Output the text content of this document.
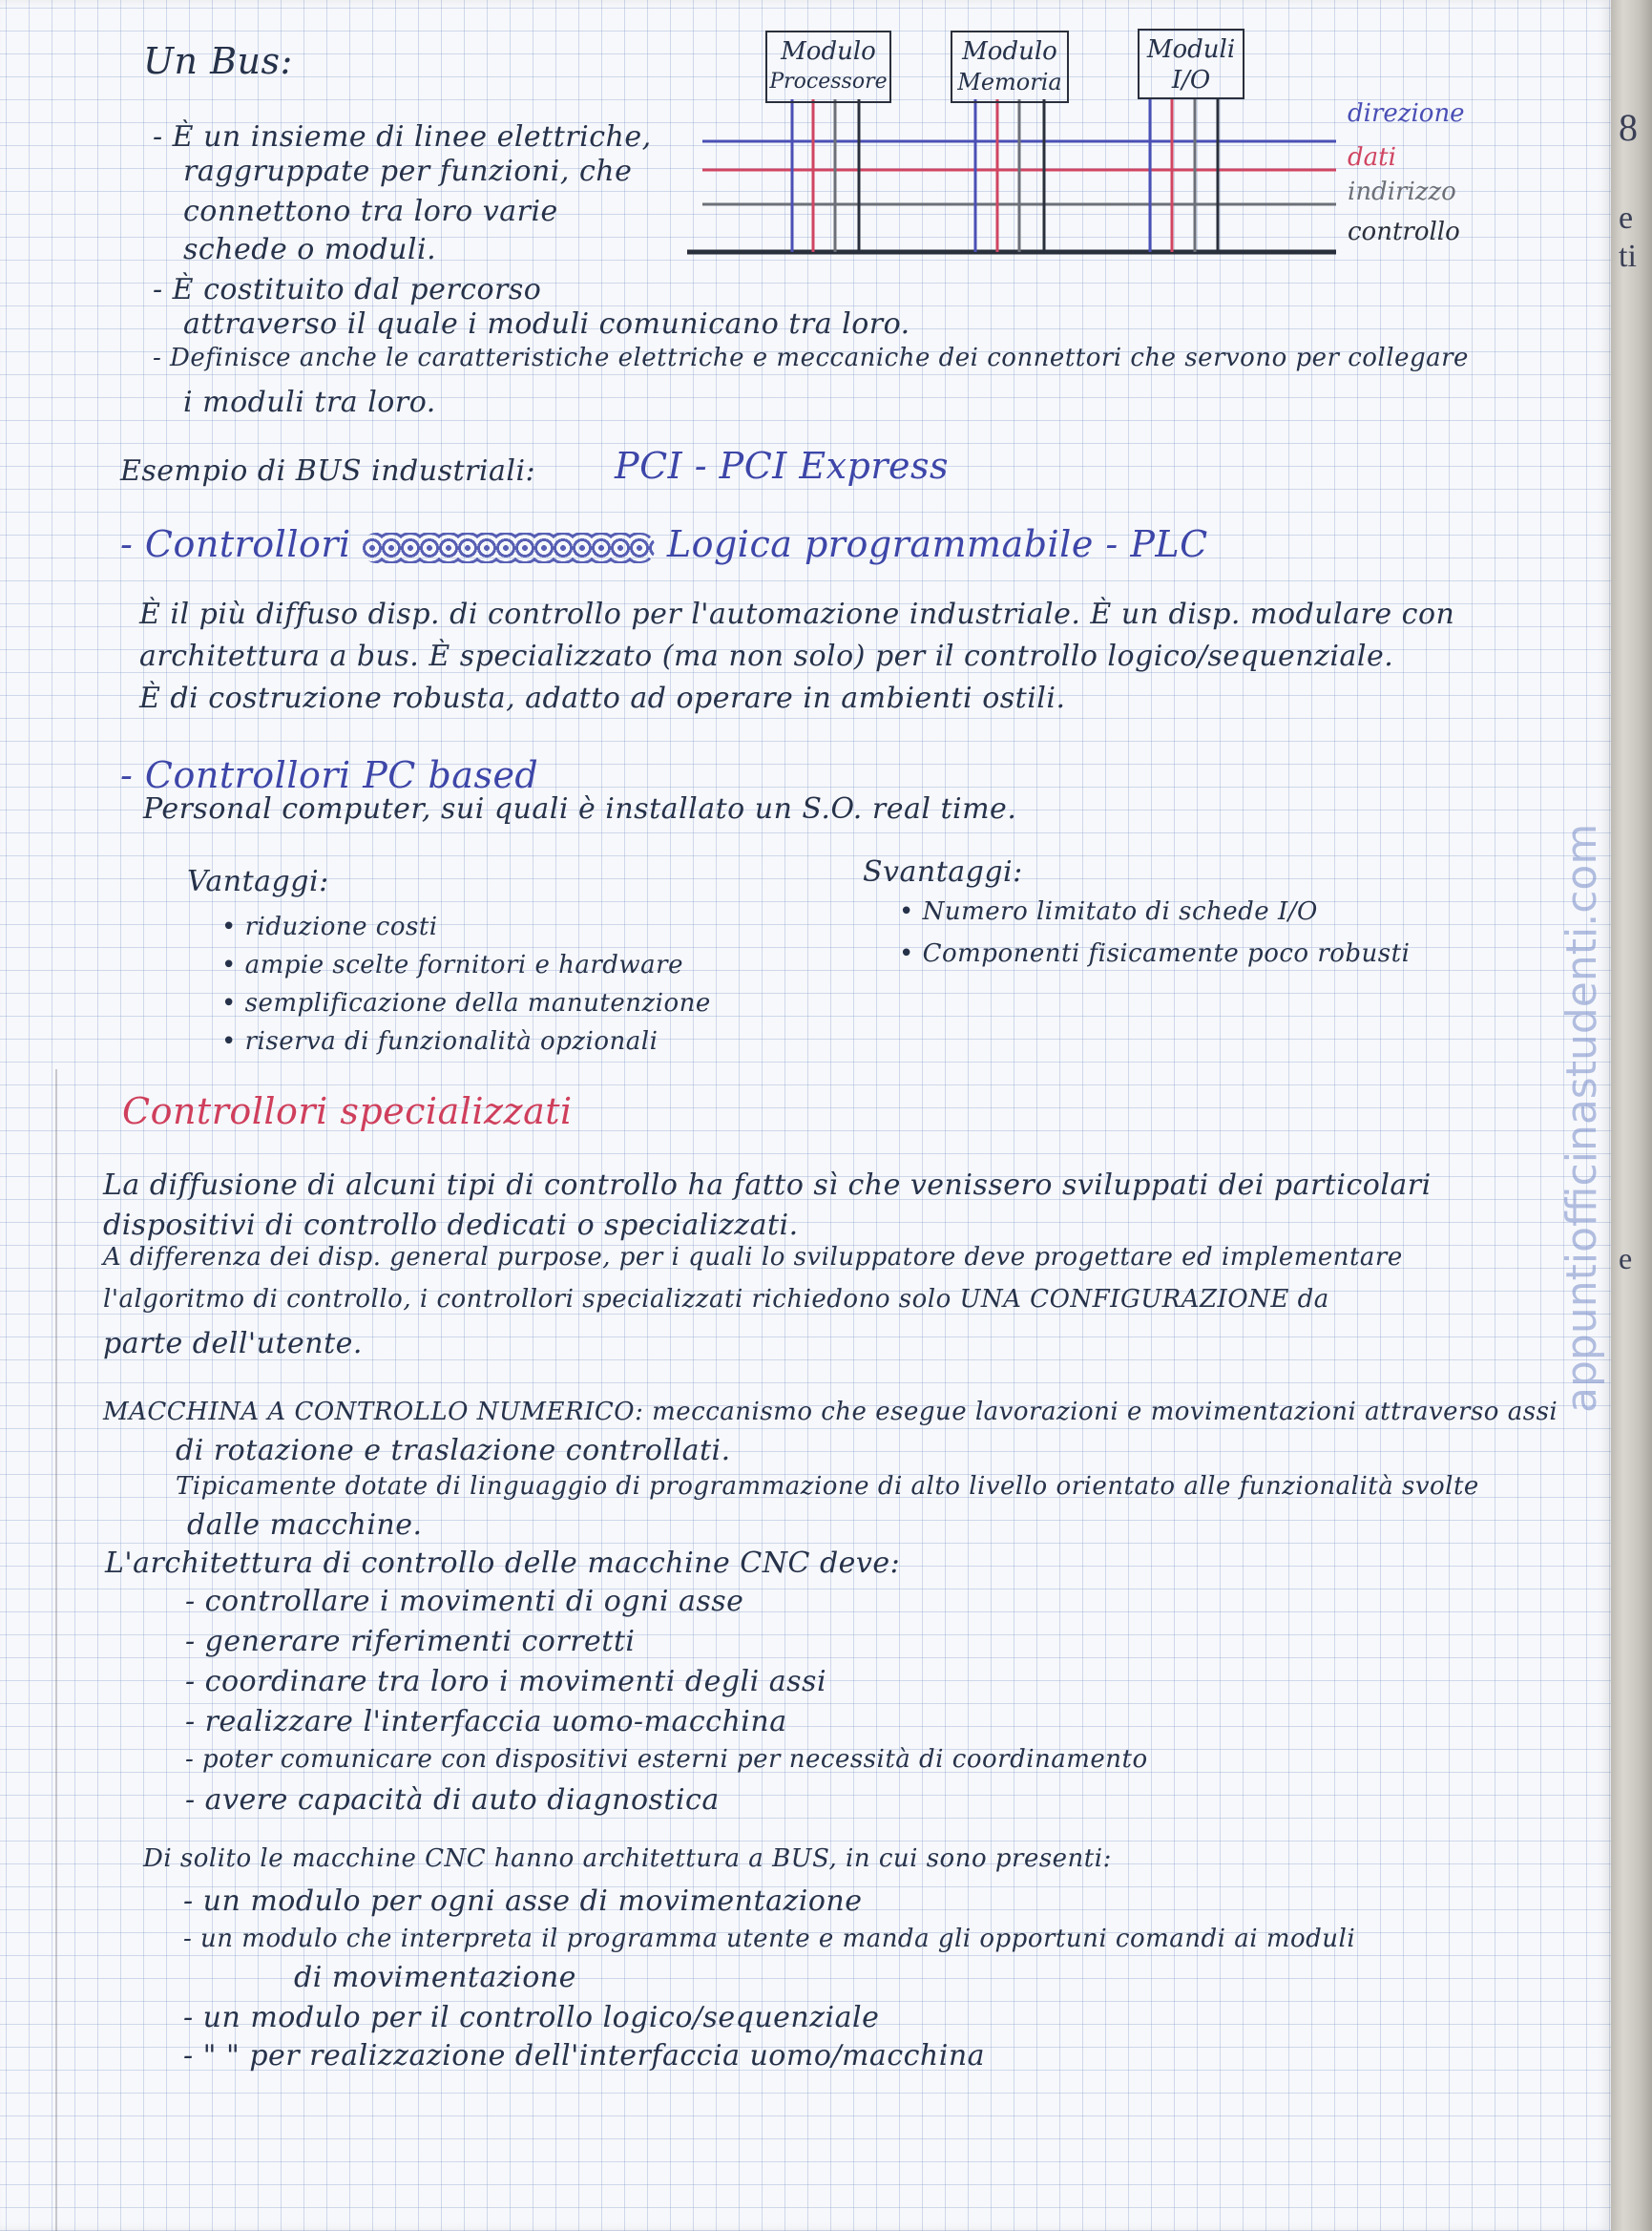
Un Bus:	Modulo
Processore
Modulo
Memoria
Moduli
I/O
direzione
dati
indirizzo
controllo
- È un insieme di linee elettriche,
raggruppate per funzioni, che
connettono tra loro varie
schede o moduli.
- È costituito dal percorso
attraverso il quale i moduli comunicano tra loro.
- Definisce anche le caratteristiche elettriche e meccaniche dei connettori che servono per collegare
i moduli tra loro.
Esempio di BUS industriali: PCI - PCI Express
- Controllori	Logica programmabile - PLC
È il più diffuso disp. di controllo per l'automazione industriale. È un disp. modulare con
architettura a bus. È specializzato (ma non solo) per il controllo logico/sequenziale.
È di costruzione robusta, adatto ad operare in ambienti ostili.
- Controllori PC based
Personal computer, sui quali è installato un S.O. real time.
Vantaggi:
• riduzione costi
• ampie scelte fornitori e hardware
• semplificazione della manutenzione
• riserva di funzionalità opzionali
Svantaggi:
• Numero limitato di schede I/O
• Componenti fisicamente poco robusti
Controllori specializzati
La diffusione di alcuni tipi di controllo ha fatto sì che venissero sviluppati dei particolari
dispositivi di controllo dedicati o specializzati.
A differenza dei disp. general purpose, per i quali lo sviluppatore deve progettare ed implementare
l'algoritmo di controllo, i controllori specializzati richiedono solo UNA CONFIGURAZIONE da
parte dell'utente.
MACCHINA A CONTROLLO NUMERICO: meccanismo che esegue lavorazioni e movimentazioni attraverso assi
di rotazione e traslazione controllati.
Tipicamente dotate di linguaggio di programmazione di alto livello orientato alle funzionalità svolte
dalle macchine.
L'architettura di controllo delle macchine CNC deve:
- controllare i movimenti di ogni asse
- generare riferimenti corretti
- coordinare tra loro i movimenti degli assi
- realizzare l'interfaccia uomo-macchina
- poter comunicare con dispositivi esterni per necessità di coordinamento
- avere capacità di auto diagnostica
Di solito le macchine CNC hanno architettura a BUS, in cui sono presenti:
- un modulo per ogni asse di movimentazione
- un modulo che interpreta il programma utente e manda gli opportuni comandi ai moduli
di movimentazione
- un modulo per il controllo logico/sequenziale
- " " per realizzazione dell'interfaccia uomo/macchina
appuntiofficinastudenti.com
8
e
ti
e
